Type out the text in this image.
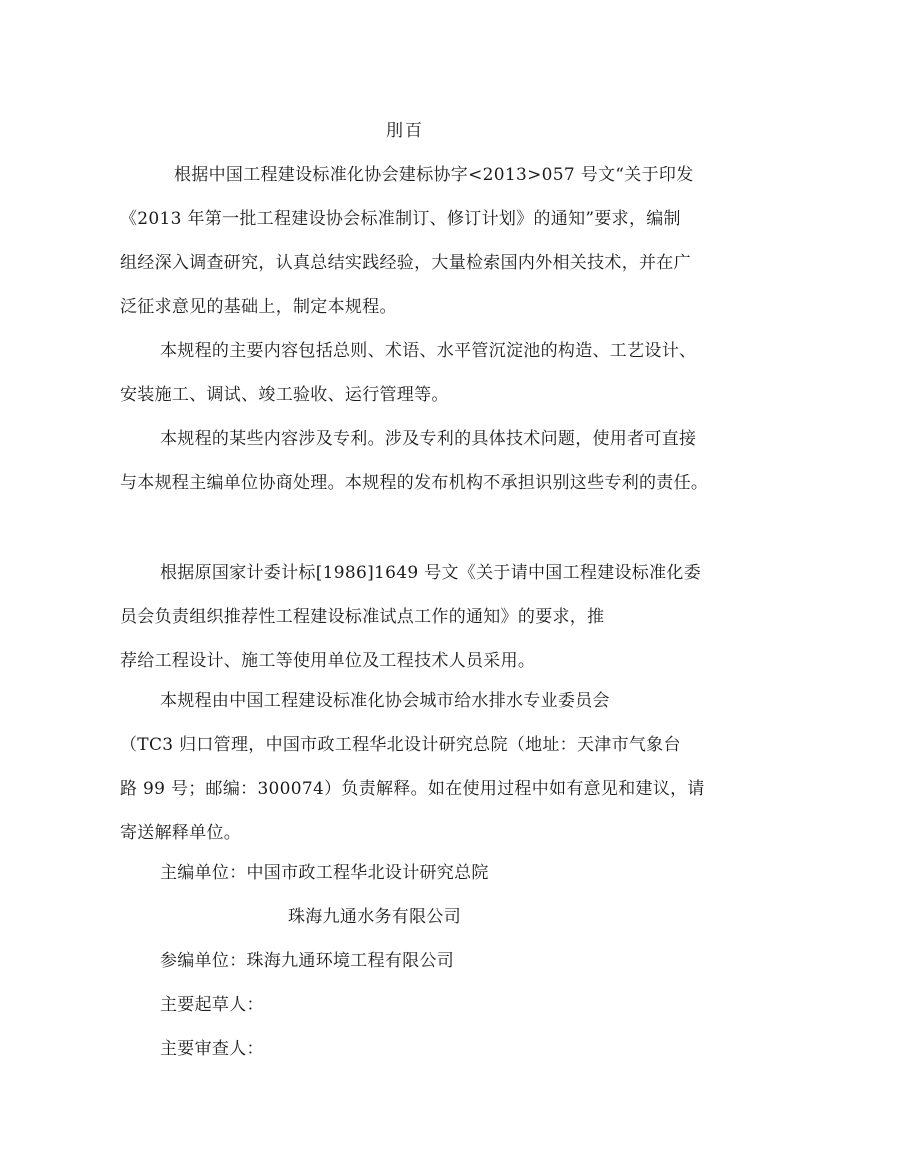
刖百
根据中国工程建设标准化协会建标协字<2013>057 号文“关于印发
《2013 年第一批工程建设协会标准制订、修订计划》的通知”要求，编制
组经深入调查研究，认真总结实践经验，大量检索国内外相关技术，并在广
泛征求意见的基础上，制定本规程。
本规程的主要内容包括总则、术语、水平管沉淀池的构造、工艺设计、
安装施工、调试、竣工验收、运行管理等。
本规程的某些内容涉及专利。涉及专利的具体技术问题，使用者可直接
与本规程主编单位协商处理。本规程的发布机构不承担识别这些专利的责任。
根据原国家计委计标[1986]1649 号文《关于请中国工程建设标准化委
员会负责组织推荐性工程建设标准试点工作的通知》的要求，推
荐给工程设计、施工等使用单位及工程技术人员采用。
本规程由中国工程建设标准化协会城市给水排水专业委员会
（TC3 归口管理，中国市政工程华北设计研究总院（地址：天津市气象台
路 99 号；邮编：300074）负责解释。如在使用过程中如有意见和建议，请
寄送解释单位。
主编单位：中国市政工程华北设计研究总院
珠海九通水务有限公司
参编单位：珠海九通环境工程有限公司
主要起草人：
主要审查人：
